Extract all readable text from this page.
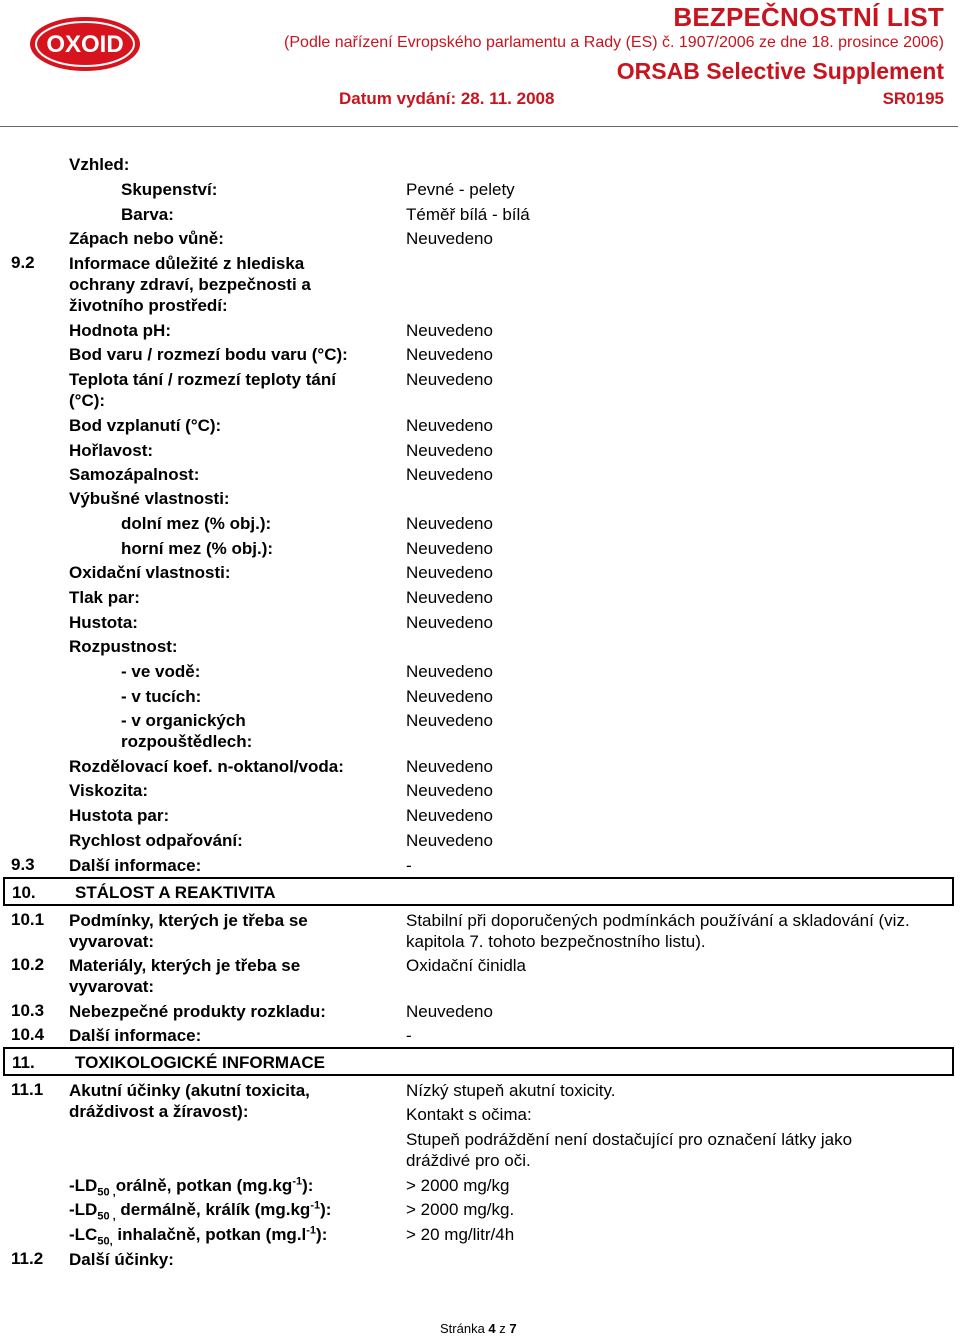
OXOID
BEZPEČNOSTNÍ LIST
(Podle nařízení Evropského parlamentu a Rady (ES) č. 1907/2006 ze dne 18. prosince 2006)
ORSAB Selective Supplement
Datum vydání: 28. 11. 2008	SR0195
Vzhled:
Skupenství:	Pevné - pelety
Barva:	Téměř bílá - bílá
Zápach nebo vůně:	Neuvedeno
9.2 Informace důležité z hlediska
ochrany zdraví, bezpečnosti a
životního prostředí:
Hodnota pH:	Neuvedeno
Bod varu / rozmezí bodu varu (°C):	Neuvedeno
Teplota tání / rozmezí teploty tání
(°C):
Neuvedeno
Bod vzplanutí (°C):	Neuvedeno
Hořlavost:	Neuvedeno
Samozápalnost:	Neuvedeno
Výbušné vlastnosti:
dolní mez (% obj.):	Neuvedeno
horní mez (% obj.):	Neuvedeno
Oxidační vlastnosti:	Neuvedeno
Tlak par:	Neuvedeno
Hustota:	Neuvedeno
Rozpustnost:
- ve vodě:	Neuvedeno
- v tucích:	Neuvedeno
- v organických
rozpouštědlech:
Neuvedeno
Rozdělovací koef. n-oktanol/voda:	Neuvedeno
Viskozita:	Neuvedeno
Hustota par:	Neuvedeno
Rychlost odpařování:	Neuvedeno
9.3 Další informace:	-
10. STÁLOST A REAKTIVITA
10.1 Podmínky, kterých je třeba se
vyvarovat:
Stabilní při doporučených podmínkách používání a skladování (viz.
kapitola 7. tohoto bezpečnostního listu).
10.2 Materiály, kterých je třeba se
vyvarovat:
Oxidační činidla
10.3 Nebezpečné produkty rozkladu:	Neuvedeno
10.4 Další informace:	-
11. TOXIKOLOGICKÉ INFORMACE
11.1 Akutní účinky (akutní toxicita,
dráždivost a žíravost):
Nízký stupeň akutní toxicity.
Kontakt s očima:
Stupeň podráždění není dostačující pro označení látky jako
dráždivé pro oči.
$-LD_{50 ,}orá\ln ě$, potkan $(mg.kg^{-1})$:	> 2000 mg/kg
$-LD_{50 ,}$ dermálně, králík $(mg.kg^{-1})$:	> 2000 mg/kg.
$-LC_{50,}$ inhalačně, potkan $(mg.l^{-1})$:	> 20 mg/litr/4h
11.2 Další účinky:
Stránka 4 z 7
